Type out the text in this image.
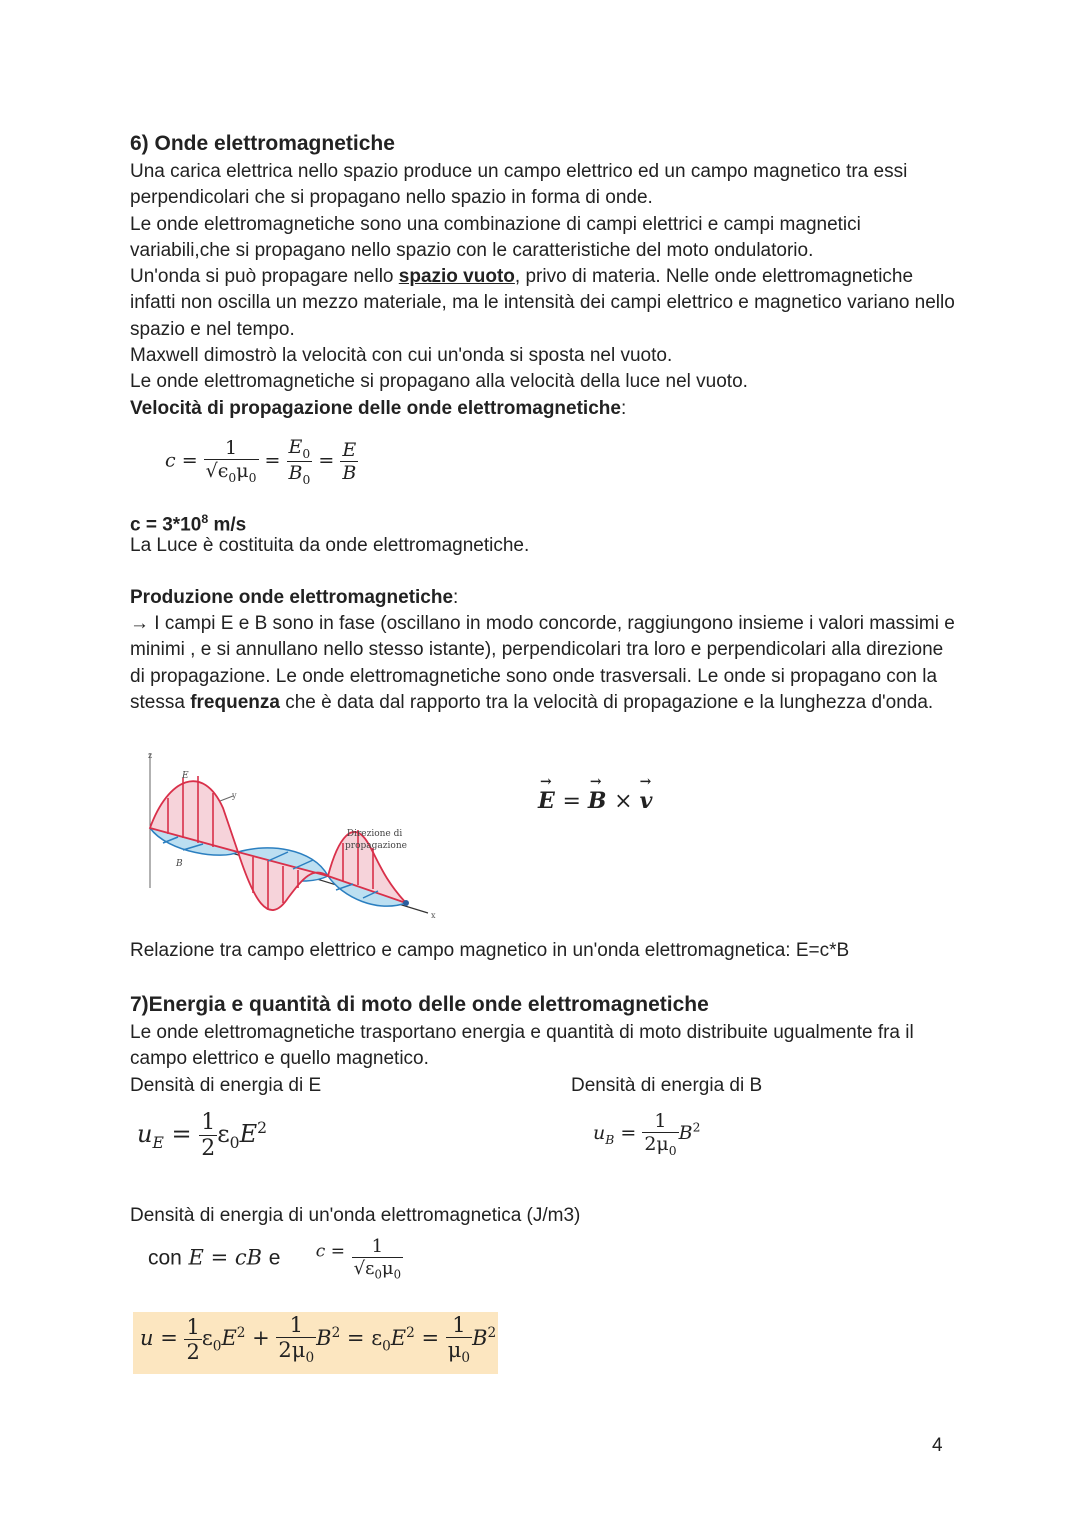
6) Onde elettromagnetiche
Una carica elettrica nello spazio produce un campo elettrico ed un campo magnetico tra essi perpendicolari che si propagano nello spazio in forma di onde.
Le onde elettromagnetiche sono una combinazione di campi elettrici e campi magnetici variabili,che si propagano nello spazio con le caratteristiche del moto ondulatorio.
Un'onda si può propagare nello spazio vuoto, privo di materia. Nelle onde elettromagnetiche infatti non oscilla un mezzo materiale, ma le intensità dei campi elettrico e magnetico variano nello spazio e nel tempo.
Maxwell dimostrò la velocità con cui un'onda si sposta nel vuoto.
Le onde elettromagnetiche si propagano alla velocità della luce nel vuoto.
Velocità di propagazione delle onde elettromagnetiche:
$c = \frac{1}{√\epsilon_0\mu_0} = \frac{E_0}{B_0} = \frac{E}{B}$
$c = 3*10^8$ m/s
La Luce è costituita da onde elettromagnetiche.
Produzione onde elettromagnetiche:
→ I campi E e B sono in fase (oscillano in modo concorde, raggiungono insieme i valori massimi e minimi , e si annullano nello stesso istante), perpendicolari tra loro e perpendicolari alla direzione di propagazione. Le onde elettromagnetiche sono onde trasversali. Le onde si propagano con la stessa frequenza che è data dal rapporto tra la velocità di propagazione e la lunghezza d'onda.
z
y
x
E
B
Direzione di propagazione
E
→
= B
→
× v
→
Relazione tra campo elettrico e campo magnetico in un'onda elettromagnetica: E=c*B
7)Energia e quantità di moto delle onde elettromagnetiche
Le onde elettromagnetiche trasportano energia e quantità di moto distribuite ugualmente fra il campo elettrico e quello magnetico.
Densità di energia di E	Densità di energia di B
$u_E = \frac{1}{2} \varepsilon_0E^2$	$u_B = \frac{1}{2\mu_0} B^2$
Densità di energia di un'onda elettromagnetica (J/m3)
con E = cB e $^{c =} \frac{1}{√\varepsilon_0\mu_0}$
$u = \frac{1}{2} \varepsilon_0E^2 + \frac{1}{2\mu_0} B^2 = \varepsilon_0E^2 = \frac{1}{\mu_0} B^2$
4
